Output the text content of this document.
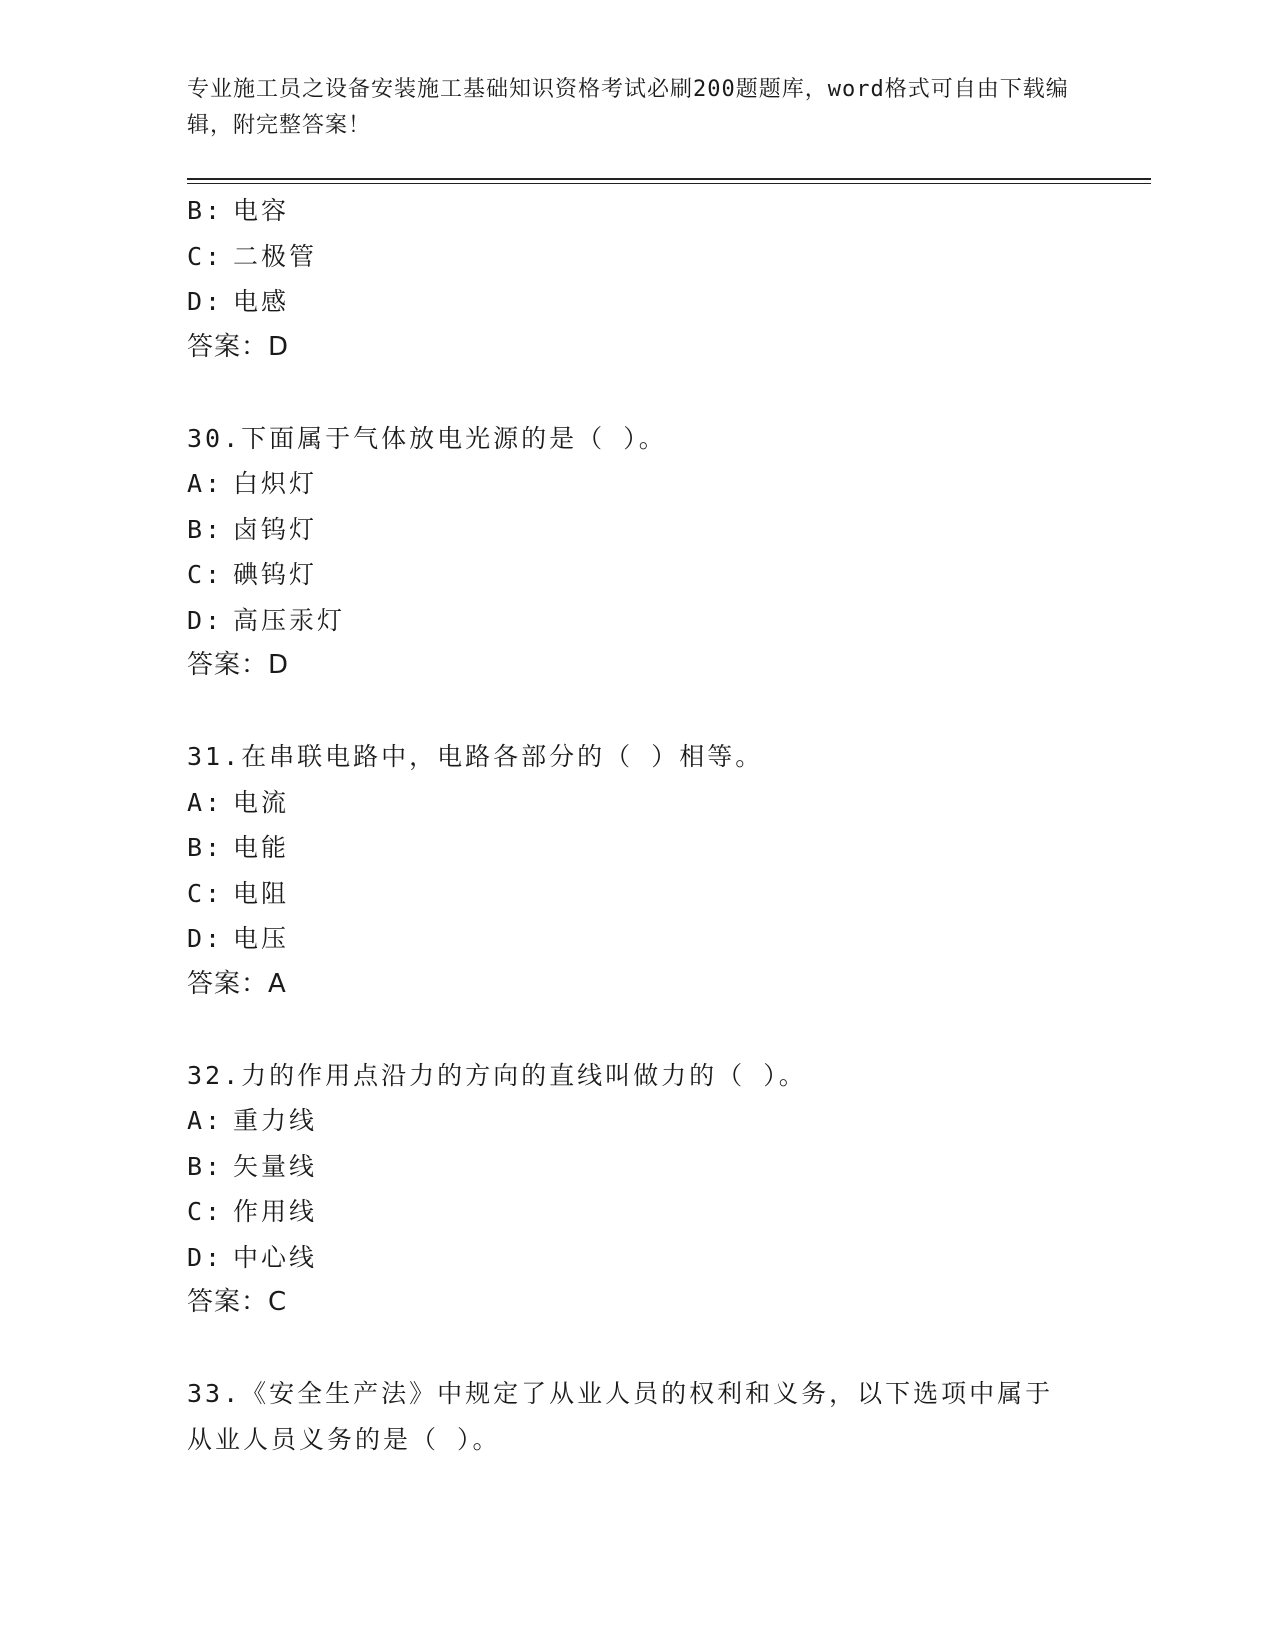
专业施工员之设备安装施工基础知识资格考试必刷200题题库，word格式可自由下载编辑，附完整答案！
B: 电容
C: 二极管
D: 电感
答案：D
30.下面属于气体放电光源的是（ ）。
A: 白炽灯
B: 卤钨灯
C: 碘钨灯
D: 高压汞灯
答案：D
31.在串联电路中，电路各部分的（ ）相等。
A: 电流
B: 电能
C: 电阻
D: 电压
答案：A
32.力的作用点沿力的方向的直线叫做力的（ ）。
A: 重力线
B: 矢量线
C: 作用线
D: 中心线
答案：C
33.《安全生产法》中规定了从业人员的权利和义务，以下选项中属于从业人员义务的是（ ）。
